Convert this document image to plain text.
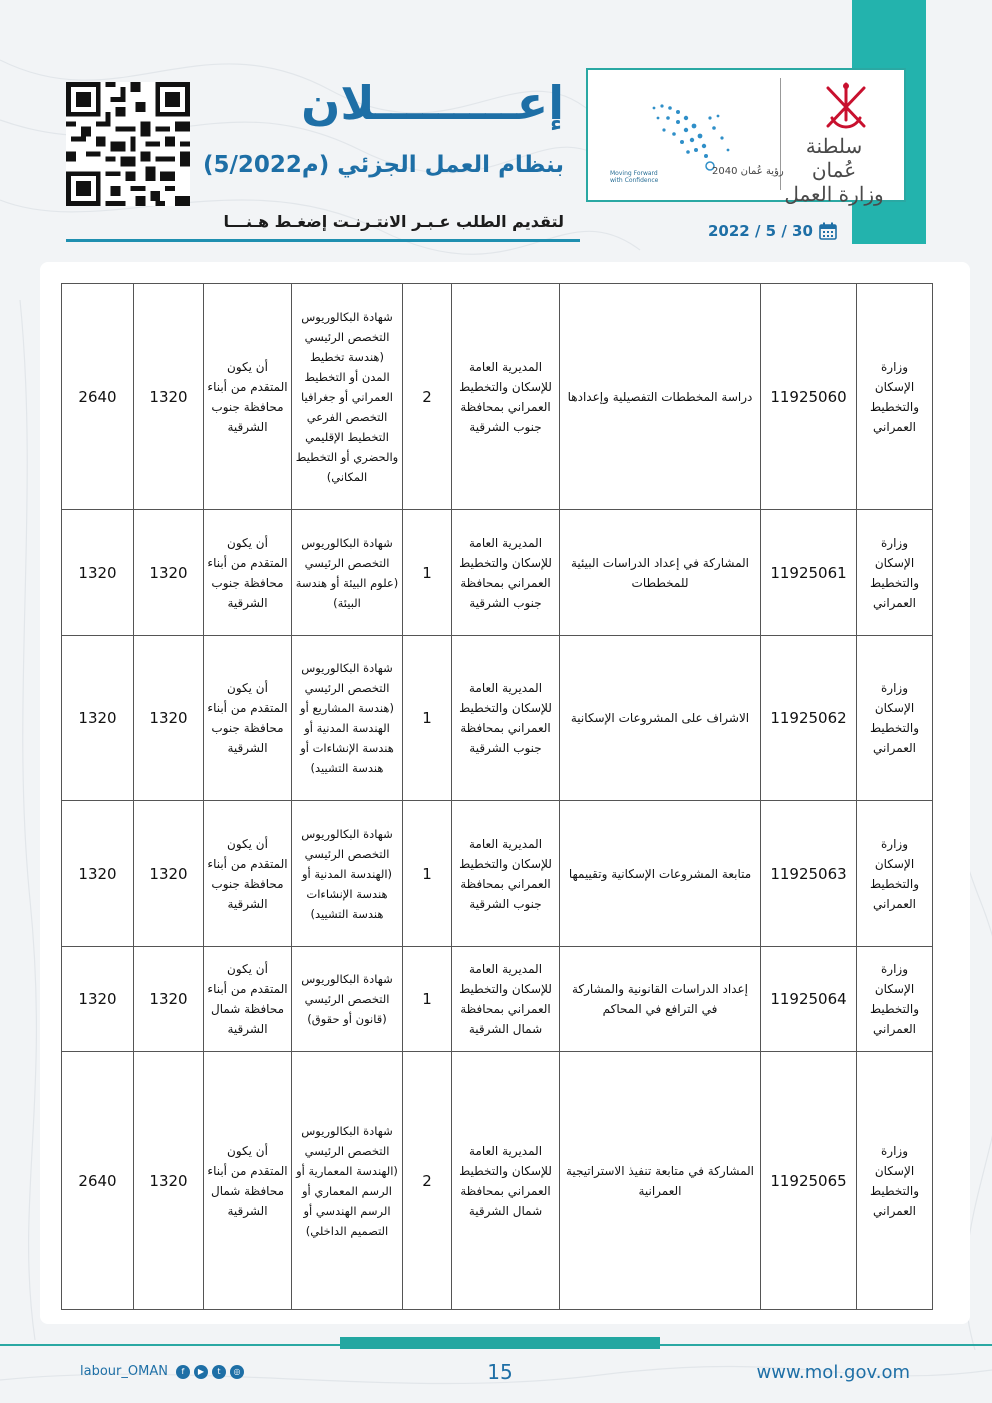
سلطنة عُمان
وزارة العمل
رؤية عُمان 2040
Moving Forward with Confidence
إعـــــــــلان
بنظام العمل الجزئي (م5/2022)
لتقديم الطلب عـبـر الانتـرنـت إضغـط هـنـــا	2022 / 5 / 30
وزارة الإسكان والتخطيط العمراني	11925060	دراسة المخططات التفصيلية وإعدادها	المديرية العامة للإسكان والتخطيط العمراني بمحافظة جنوب الشرقية	2	شهادة البكالوريوس التخصص الرئيسي (هندسة تخطيط المدن أو التخطيط العمراني أو جغرافيا التخصص الفرعي التخطيط الإقليمي والحضري أو التخطيط المكاني)	أن يكون المتقدم من أبناء محافظة جنوب الشرقية	1320	2640
وزارة الإسكان والتخطيط العمراني	11925061	المشاركة في إعداد الدراسات البيئية للمخططات	المديرية العامة للإسكان والتخطيط العمراني بمحافظة جنوب الشرقية	1	شهادة البكالوريوس التخصص الرئيسي (علوم البيئة أو هندسة البيئة)	أن يكون المتقدم من أبناء محافظة جنوب الشرقية	1320	1320
وزارة الإسكان والتخطيط العمراني	11925062	الاشراف على المشروعات الإسكانية	المديرية العامة للإسكان والتخطيط العمراني بمحافظة جنوب الشرقية	1	شهادة البكالوريوس التخصص الرئيسي (هندسة المشاريع أو الهندسة المدنية أو هندسة الإنشاءات أو هندسة التشييد)	أن يكون المتقدم من أبناء محافظة جنوب الشرقية	1320	1320
وزارة الإسكان والتخطيط العمراني	11925063	متابعة المشروعات الإسكانية وتقييمها	المديرية العامة للإسكان والتخطيط العمراني بمحافظة جنوب الشرقية	1	شهادة البكالوريوس التخصص الرئيسي (الهندسة المدنية أو هندسة الإنشاءات هندسة التشييد)	أن يكون المتقدم من أبناء محافظة جنوب الشرقية	1320	1320
وزارة الإسكان والتخطيط العمراني	11925064	إعداد الدراسات القانونية والمشاركة في الترافع في المحاكم	المديرية العامة للإسكان والتخطيط العمراني بمحافظة شمال الشرقية	1	شهادة البكالوريوس التخصص الرئيسي (قانون أو حقوق)	أن يكون المتقدم من أبناء محافظة شمال الشرقية	1320	1320
وزارة الإسكان والتخطيط العمراني	11925065	المشاركة في متابعة تنفيذ الاستراتيجية العمرانية	المديرية العامة للإسكان والتخطيط العمراني بمحافظة شمال الشرقية	2	شهادة البكالوريوس التخصص الرئيسي (الهندسة المعمارية أو الرسم المعماري أو الرسم الهندسي أو التصميم الداخلي)	أن يكون المتقدم من أبناء محافظة شمال الشرقية	1320	2640
15	www.mol.gov.om
labour_OMAN	f	▶	t	◎
